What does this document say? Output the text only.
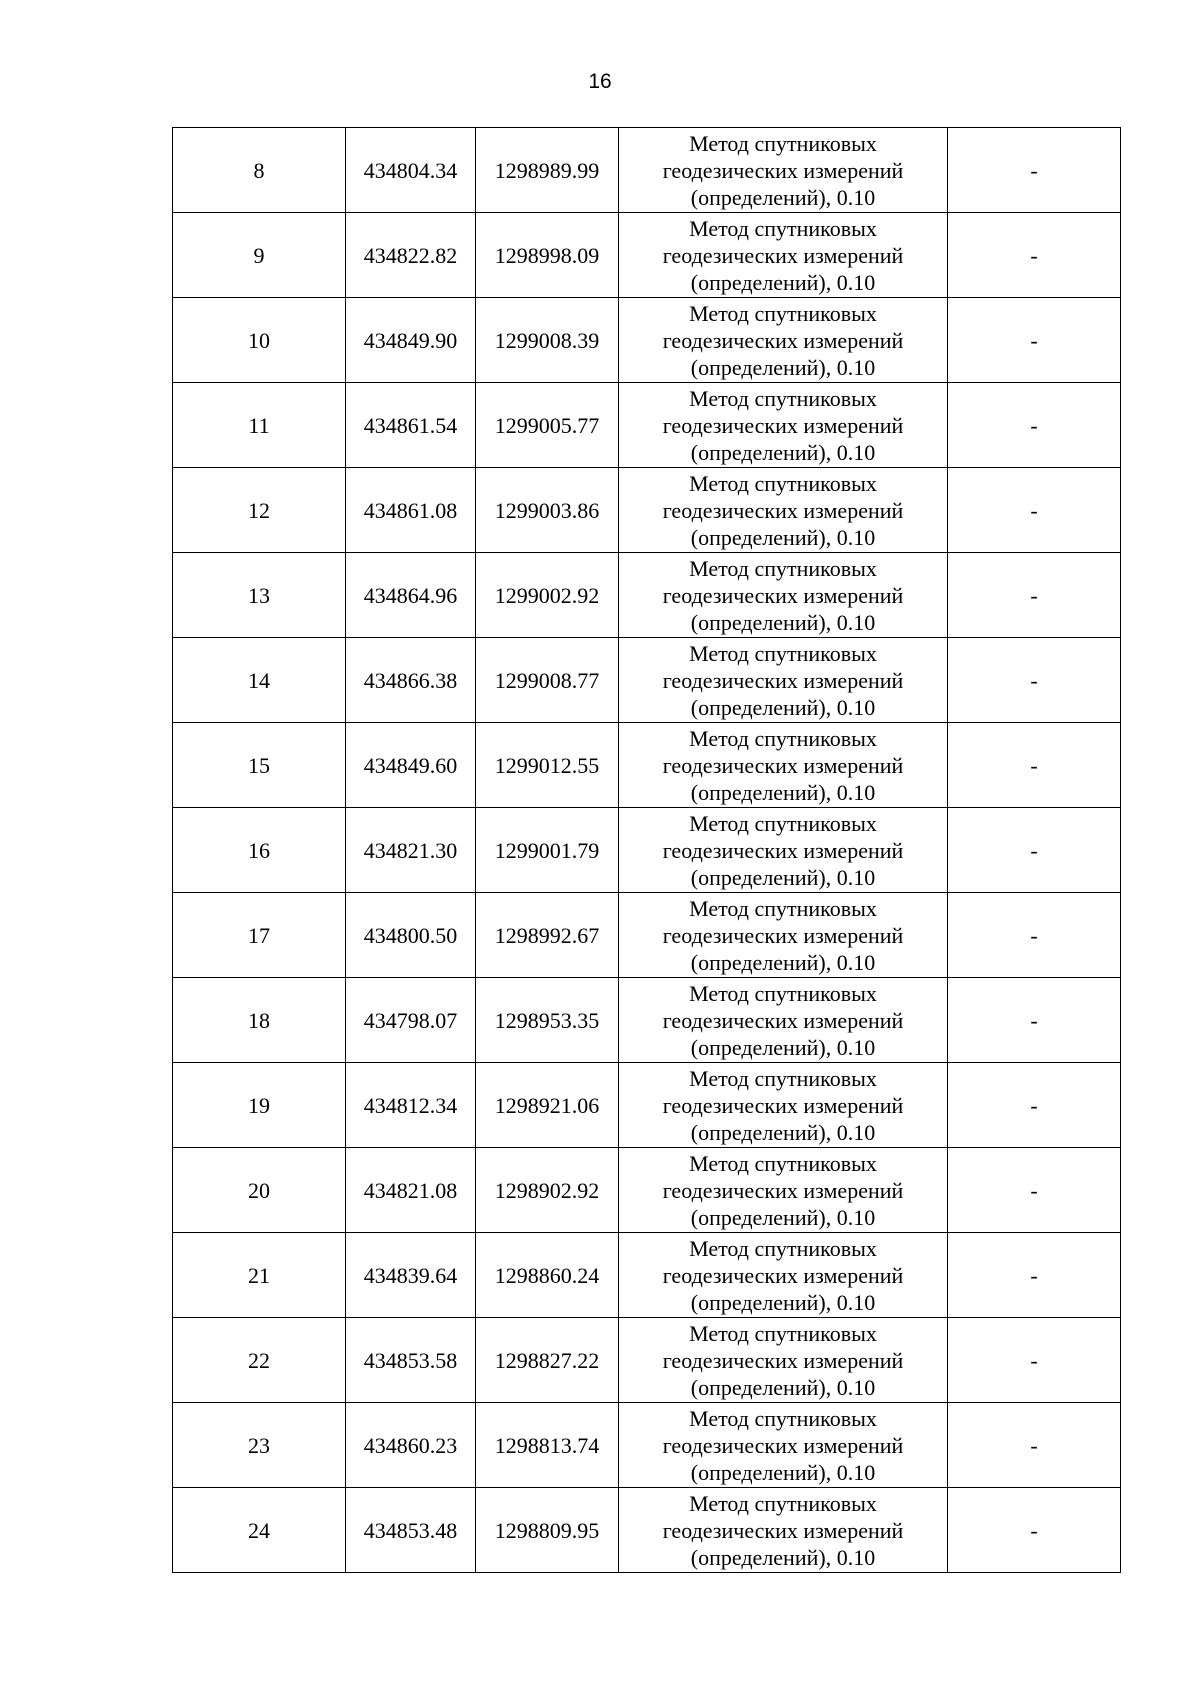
16
8	434804.34	1298989.99	Метод спутниковых
геодезических измерений
(определений), 0.10	-
9	434822.82	1298998.09	Метод спутниковых
геодезических измерений
(определений), 0.10	-
10	434849.90	1299008.39	Метод спутниковых
геодезических измерений
(определений), 0.10	-
11	434861.54	1299005.77	Метод спутниковых
геодезических измерений
(определений), 0.10	-
12	434861.08	1299003.86	Метод спутниковых
геодезических измерений
(определений), 0.10	-
13	434864.96	1299002.92	Метод спутниковых
геодезических измерений
(определений), 0.10	-
14	434866.38	1299008.77	Метод спутниковых
геодезических измерений
(определений), 0.10	-
15	434849.60	1299012.55	Метод спутниковых
геодезических измерений
(определений), 0.10	-
16	434821.30	1299001.79	Метод спутниковых
геодезических измерений
(определений), 0.10	-
17	434800.50	1298992.67	Метод спутниковых
геодезических измерений
(определений), 0.10	-
18	434798.07	1298953.35	Метод спутниковых
геодезических измерений
(определений), 0.10	-
19	434812.34	1298921.06	Метод спутниковых
геодезических измерений
(определений), 0.10	-
20	434821.08	1298902.92	Метод спутниковых
геодезических измерений
(определений), 0.10	-
21	434839.64	1298860.24	Метод спутниковых
геодезических измерений
(определений), 0.10	-
22	434853.58	1298827.22	Метод спутниковых
геодезических измерений
(определений), 0.10	-
23	434860.23	1298813.74	Метод спутниковых
геодезических измерений
(определений), 0.10	-
24	434853.48	1298809.95	Метод спутниковых
геодезических измерений
(определений), 0.10	-
